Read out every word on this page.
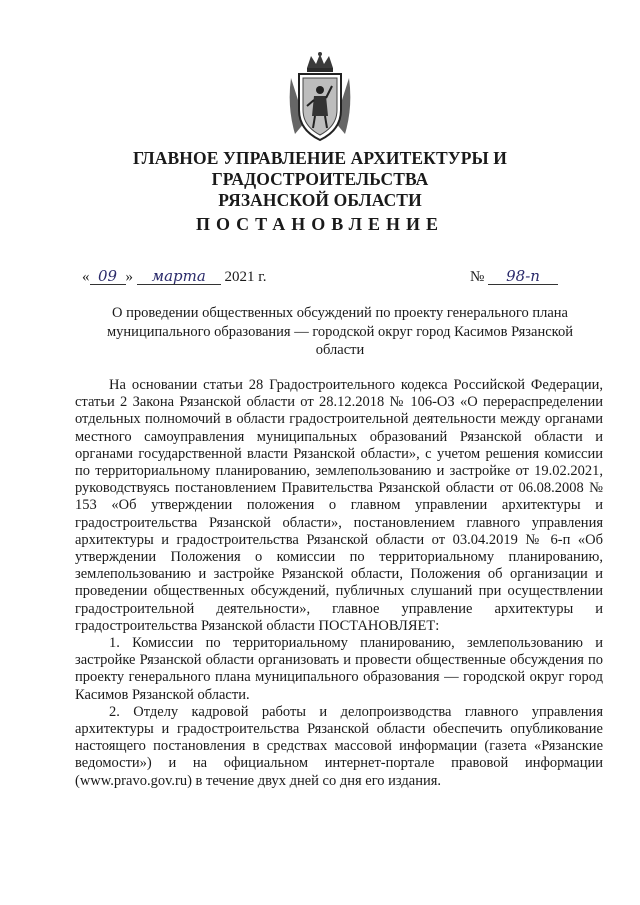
ГЛАВНОЕ УПРАВЛЕНИЕ АРХИТЕКТУРЫ И ГРАДОСТРОИТЕЛЬСТВА
РЯЗАНСКОЙ ОБЛАСТИ
ПОСТАНОВЛЕНИЕ
« 09 » марта 2021 г.	№ 98-п
О проведении общественных обсуждений по проекту генерального плана муниципального образования — городской округ город Касимов Рязанской области

На основании статьи 28 Градостроительного кодекса Российской Федерации, статьи 2 Закона Рязанской области от 28.12.2018 № 106-ОЗ «О перераспределении отдельных полномочий в области градостроительной деятельности между органами местного самоуправления муниципальных образований Рязанской области и органами государственной власти Рязанской области», с учетом решения комиссии по территориальному планированию, землепользованию и застройке от 19.02.2021, руководствуясь постановлением Правительства Рязанской области от 06.08.2008 № 153 «Об утверждении положения о главном управлении архитектуры и градостроительства Рязанской области», постановлением главного управления архитектуры и градостроительства Рязанской области от 03.04.2019 № 6-п «Об утверждении Положения о комиссии по территориальному планированию, землепользованию и застройке Рязанской области, Положения об организации и проведении общественных обсуждений, публичных слушаний при осуществлении градостроительной деятельности», главное управление архитектуры и градостроительства Рязанской области ПОСТАНОВЛЯЕТ:

1. Комиссии по территориальному планированию, землепользованию и застройке Рязанской области организовать и провести общественные обсуждения по проекту генерального плана муниципального образования — городской округ город Касимов Рязанской области.

2. Отделу кадровой работы и делопроизводства главного управления архитектуры и градостроительства Рязанской области обеспечить опубликование настоящего постановления в средствах массовой информации (газета «Рязанские ведомости») и на официальном интернет-портале правовой информации (www.pravo.gov.ru) в течение двух дней со дня его издания.
